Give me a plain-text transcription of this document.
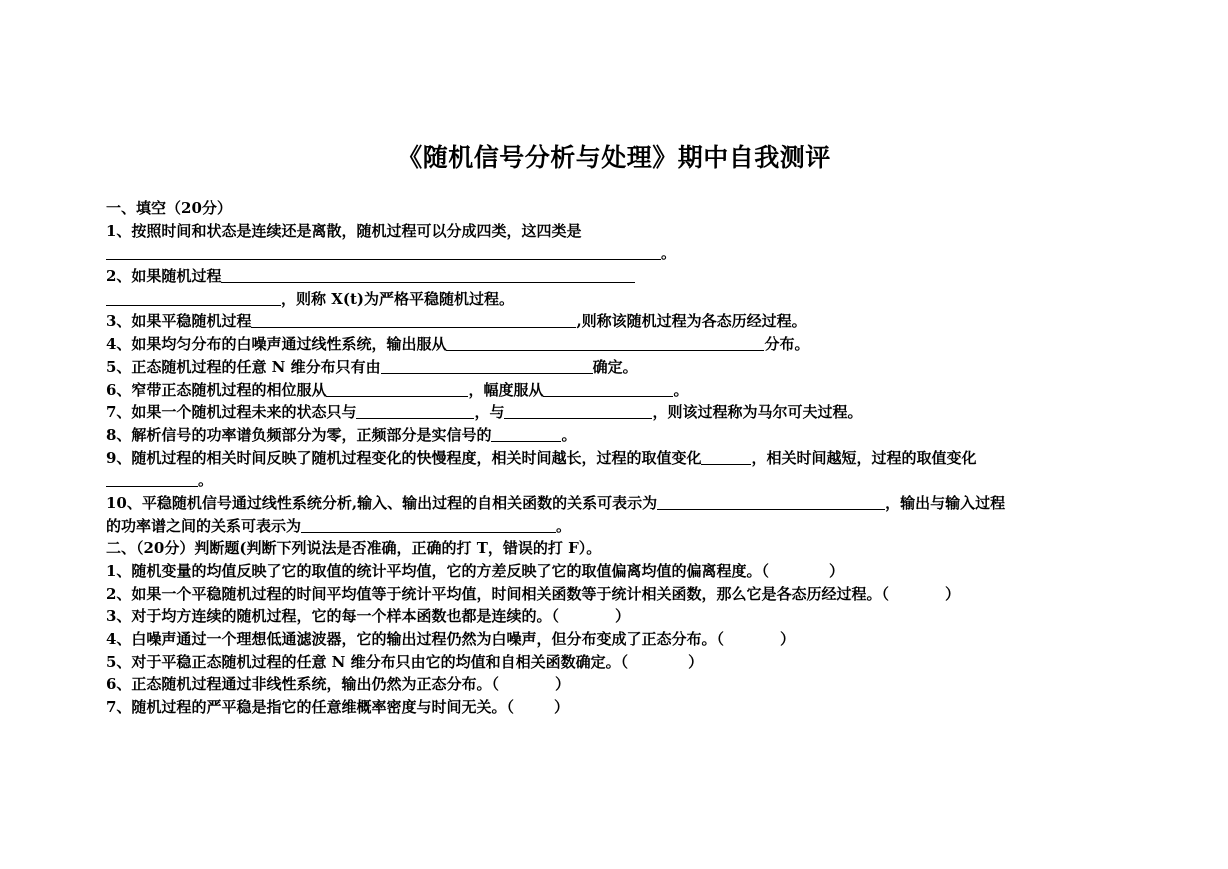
《随机信号分析与处理》期中自我测评
一、填空（20分）
1、按照时间和状态是连续还是离散，随机过程可以分成四类，这四类是
。
2、如果随机过程
，则称 X(t)为严格平稳随机过程。
3、如果平稳随机过程	,则称该随机过程为各态历经过程。
4、如果均匀分布的白噪声通过线性系统，输出服从	分布。
5、正态随机过程的任意 N 维分布只有由	确定。
6、窄带正态随机过程的相位服从	，幅度服从	。
7、如果一个随机过程未来的状态只与	，与	，则该过程称为马尔可夫过程。
8、解析信号的功率谱负频部分为零，正频部分是实信号的	。
9、随机过程的相关时间反映了随机过程变化的快慢程度，相关时间越长，过程的取值变化	，相关时间越短，过程的取值变化
。
10、平稳随机信号通过线性系统分析,输入、输出过程的自相关函数的关系可表示为	，输出与输入过程
的功率谱之间的关系可表示为	。
二、（20分）判断题(判断下列说法是否准确，正确的打 T，错误的打 F）。
1、随机变量的均值反映了它的取值的统计平均值，它的方差反映了它的取值偏离均值的偏离程度。（	）
2、如果一个平稳随机过程的时间平均值等于统计平均值，时间相关函数等于统计相关函数，那么它是各态历经过程。（	）
3、对于均方连续的随机过程，它的每一个样本函数也都是连续的。（	）
4、白噪声通过一个理想低通滤波器，它的输出过程仍然为白噪声，但分布变成了正态分布。（	）
5、对于平稳正态随机过程的任意 N 维分布只由它的均值和自相关函数确定。（	）
6、正态随机过程通过非线性系统，输出仍然为正态分布。（	）
7、随机过程的严平稳是指它的任意维概率密度与时间无关。（	）
